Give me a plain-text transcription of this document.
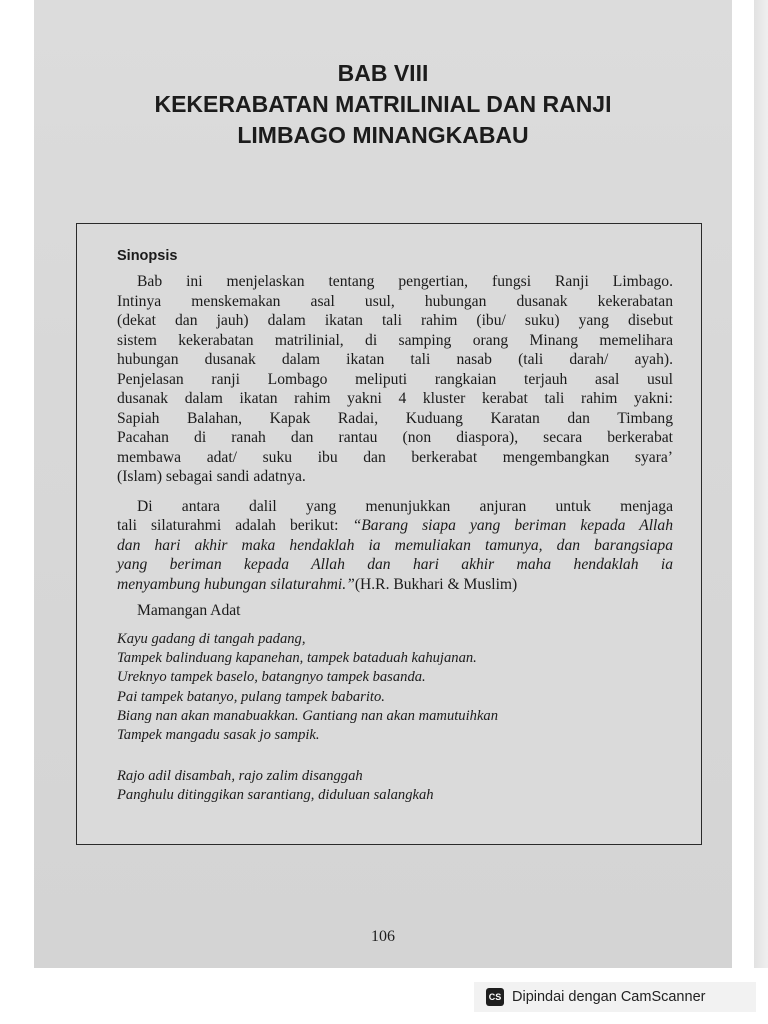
BAB VIII
KEKERABATAN MATRILINIAL DAN RANJI
LIMBAGO MINANGKABAU
106
Sinopsis
Bab ini menjelaskan tentang pengertian, fungsi Ranji Limbago.
Intinya menskemakan asal usul, hubungan dusanak kekerabatan
(dekat dan jauh) dalam ikatan tali rahim (ibu/ suku) yang disebut
sistem kekerabatan matrilinial, di samping orang Minang memelihara
hubungan dusanak dalam ikatan tali nasab (tali darah/ ayah).
Penjelasan ranji Lombago meliputi rangkaian terjauh asal usul
dusanak dalam ikatan rahim yakni 4 kluster kerabat tali rahim yakni:
Sapiah Balahan, Kapak Radai, Kuduang Karatan dan Timbang
Pacahan di ranah dan rantau (non diaspora), secara berkerabat
membawa adat/ suku ibu dan berkerabat mengembangkan syara’
(Islam) sebagai sandi adatnya.
Di antara dalil yang menunjukkan anjuran untuk menjaga
tali silaturahmi adalah berikut: “Barang siapa yang beriman kepada Allah
dan hari akhir maka hendaklah ia memuliakan tamunya, dan barangsiapa
yang beriman kepada Allah dan hari akhir maha hendaklah ia
menyambung hubungan silaturahmi.”(H.R. Bukhari & Muslim)
Mamangan Adat
Kayu gadang di tangah padang,
Tampek balinduang kapanehan, tampek bataduah kahujanan.
Ureknyo tampek baselo, batangnyo tampek basanda.
Pai tampek batanyo, pulang tampek babarito.
Biang nan akan manabuakkan. Gantiang nan akan mamutuihkan
Tampek mangadu sasak jo sampik.
Rajo adil disambah, rajo zalim disanggah
Panghulu ditinggikan sarantiang, diduluan salangkah
CS Dipindai dengan CamScanner
